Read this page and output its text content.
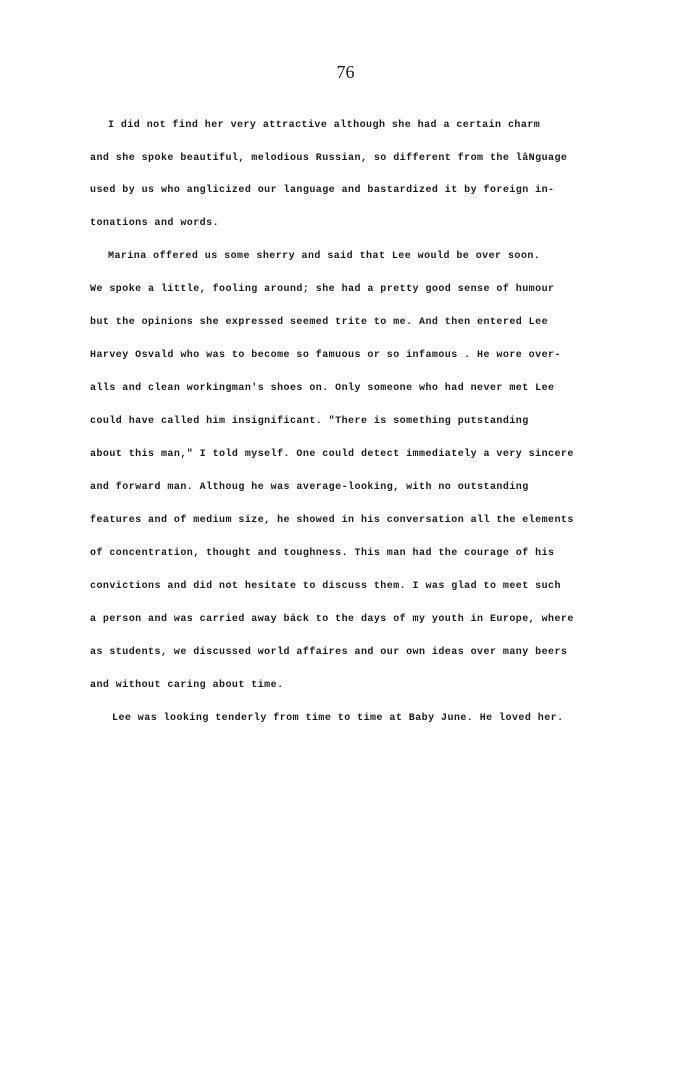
76

I did not find her very attractive although she had a certain charm

and she spoke beautiful, melodious Russian, so different from the lâNguage

used by us who anglicized our language and bastardized it by foreign in-

tonations and words.

Marina offered us some sherry and said that Lee would be over soon.

We spoke a little, fooling around; she had a pretty good sense of humour

but the opinions she expressed seemed trite to me. And then entered Lee

Harvey Osvald who was to become so famuous or so infamous . He wore over-

alls and clean workingman's shoes on. Only someone who had never met Lee

could have called him insignificant. "There is something putstanding

about this man," I told myself. One could detect immediately a very sincere

and forward man. Althoug he was average-looking, with no outstanding

features and of medium size, he showed in his conversation all the elements

of concentration, thought and toughness. This man had the courage of his

convictions and did not hesitate to discuss them. I was glad to meet such

a person and was carried away báck to the days of my youth in Europe, where

as students, we discussed world affaires and our own ideas over many beers

and without caring about time.

Lee was looking tenderly from time to time at Baby June. He loved her.
